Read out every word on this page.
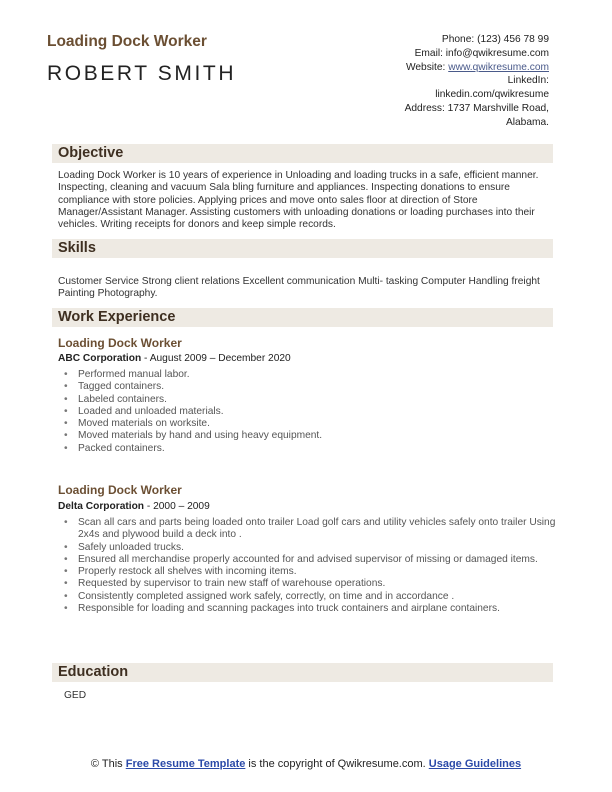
Loading Dock Worker
ROBERT SMITH
Phone: (123) 456 78 99
Email: info@qwikresume.com
Website: www.qwikresume.com
LinkedIn:
linkedin.com/qwikresume
Address: 1737 Marshville Road,
Alabama.
Objective
Loading Dock Worker is 10 years of experience in Unloading and loading trucks in a safe, efficient manner. Inspecting, cleaning and vacuum Sala bling furniture and appliances. Inspecting donations to ensure compliance with store policies. Applying prices and move onto sales floor at direction of Store Manager/Assistant Manager. Assisting customers with unloading donations or loading purchases into their vehicles. Writing receipts for donors and keep simple records.
Skills
Customer Service Strong client relations Excellent communication Multi- tasking Computer Handling freight Painting Photography.
Work Experience
Loading Dock Worker
ABC Corporation - August 2009 – December 2020
• Performed manual labor.
• Tagged containers.
• Labeled containers.
• Loaded and unloaded materials.
• Moved materials on worksite.
• Moved materials by hand and using heavy equipment.
• Packed containers.
Loading Dock Worker
Delta Corporation - 2000 – 2009
• Scan all cars and parts being loaded onto trailer Load golf cars and utility vehicles safely onto trailer Using 2x4s and plywood build a deck into .
• Safely unloaded trucks.
• Ensured all merchandise properly accounted for and advised supervisor of missing or damaged items.
• Properly restock all shelves with incoming items.
• Requested by supervisor to train new staff of warehouse operations.
• Consistently completed assigned work safely, correctly, on time and in accordance .
• Responsible for loading and scanning packages into truck containers and airplane containers.
Education
GED
© This Free Resume Template is the copyright of Qwikresume.com. Usage Guidelines
